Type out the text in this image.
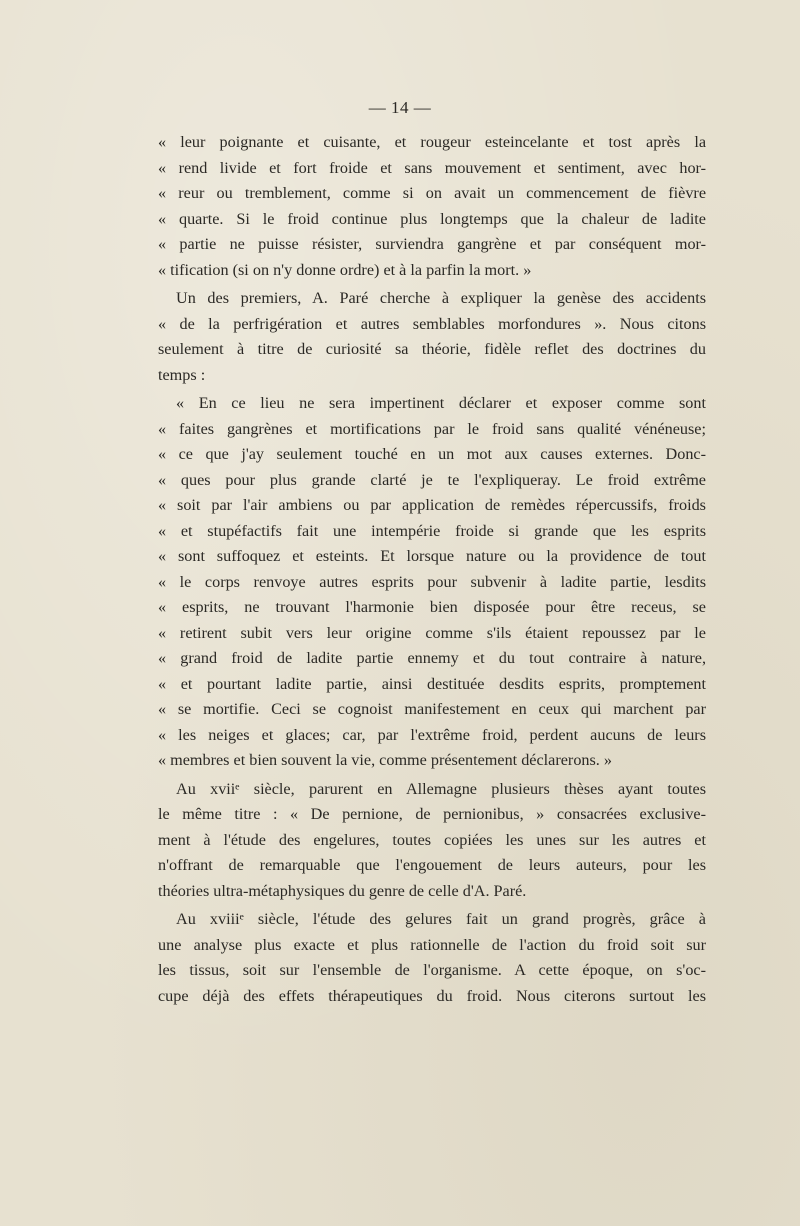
— 14 —
« leur poignante et cuisante, et rougeur esteincelante et tost après la
« rend livide et fort froide et sans mouvement et sentiment, avec hor-
« reur ou tremblement, comme si on avait un commencement de fièvre
« quarte. Si le froid continue plus longtemps que la chaleur de ladite
« partie ne puisse résister, surviendra gangrène et par conséquent mor-
« tification (si on n'y donne ordre) et à la parfin la mort. »
Un des premiers, A. Paré cherche à expliquer la genèse des accidents
« de la perfrigération et autres semblables morfondures ». Nous citons
seulement à titre de curiosité sa théorie, fidèle reflet des doctrines du
temps :
« En ce lieu ne sera impertinent déclarer et exposer comme sont
« faites gangrènes et mortifications par le froid sans qualité vénéneuse;
« ce que j'ay seulement touché en un mot aux causes externes. Donc-
« ques pour plus grande clarté je te l'expliqueray. Le froid extrême
« soit par l'air ambiens ou par application de remèdes répercussifs, froids
« et stupéfactifs fait une intempérie froide si grande que les esprits
« sont suffoquez et esteints. Et lorsque nature ou la providence de tout
« le corps renvoye autres esprits pour subvenir à ladite partie, lesdits
« esprits, ne trouvant l'harmonie bien disposée pour être receus, se
« retirent subit vers leur origine comme s'ils étaient repoussez par le
« grand froid de ladite partie ennemy et du tout contraire à nature,
« et pourtant ladite partie, ainsi destituée desdits esprits, promptement
« se mortifie. Ceci se cognoist manifestement en ceux qui marchent par
« les neiges et glaces; car, par l'extrême froid, perdent aucuns de leurs
« membres et bien souvent la vie, comme présentement déclarerons. »
Au xviiᵉ siècle, parurent en Allemagne plusieurs thèses ayant toutes
le même titre : « De pernione, de pernionibus, » consacrées exclusive-
ment à l'étude des engelures, toutes copiées les unes sur les autres et
n'offrant de remarquable que l'engouement de leurs auteurs, pour les
théories ultra-métaphysiques du genre de celle d'A. Paré.
Au xviiiᵉ siècle, l'étude des gelures fait un grand progrès, grâce à
une analyse plus exacte et plus rationnelle de l'action du froid soit sur
les tissus, soit sur l'ensemble de l'organisme. A cette époque, on s'oc-
cupe déjà des effets thérapeutiques du froid. Nous citerons surtout les
